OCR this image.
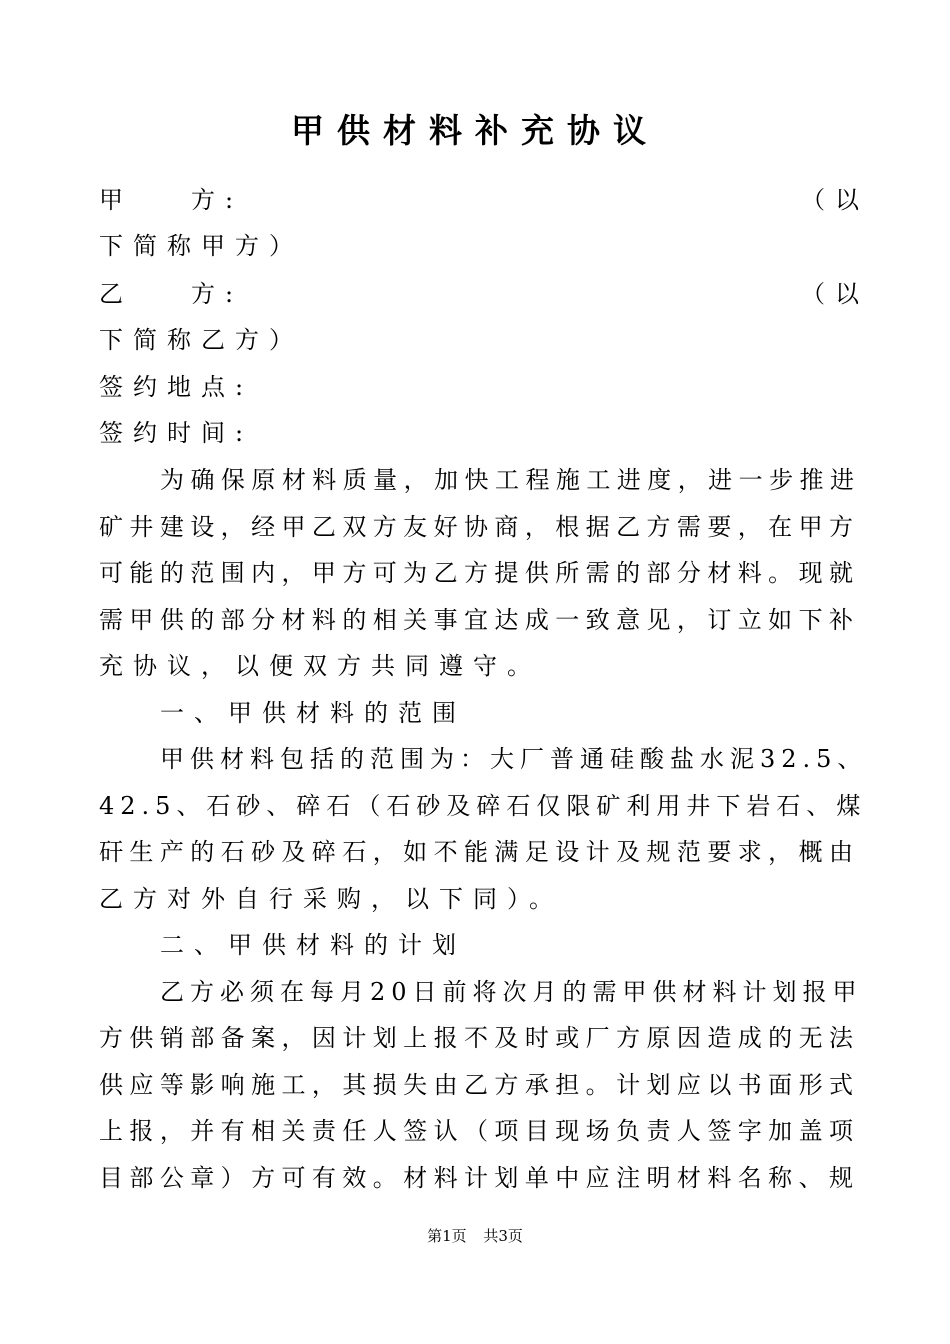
甲供材料补充协议
甲 方:	（以
下简称甲方）
乙 方:	（以
下简称乙方）
签约地点:
签约时间:
为确保原材料质量，加快工程施工进度，进一步推进
矿井建设，经甲乙双方友好协商，根据乙方需要，在甲方
可能的范围内，甲方可为乙方提供所需的部分材料。现就
需甲供的部分材料的相关事宜达成一致意见，订立如下补
充协议，以便双方共同遵守。
一、甲供材料的范围
甲供材料包括的范围为：大厂普通硅酸盐水泥32.5、
42.5、石砂、碎石（石砂及碎石仅限矿利用井下岩石、煤
矸生产的石砂及碎石，如不能满足设计及规范要求，概由
乙方对外自行采购，以下同）。
二、甲供材料的计划
乙方必须在每月20日前将次月的需甲供材料计划报甲
方供销部备案，因计划上报不及时或厂方原因造成的无法
供应等影响施工，其损失由乙方承担。计划应以书面形式
上报，并有相关责任人签认（项目现场负责人签字加盖项
目部公章）方可有效。材料计划单中应注明材料名称、规
第1页 共3页
